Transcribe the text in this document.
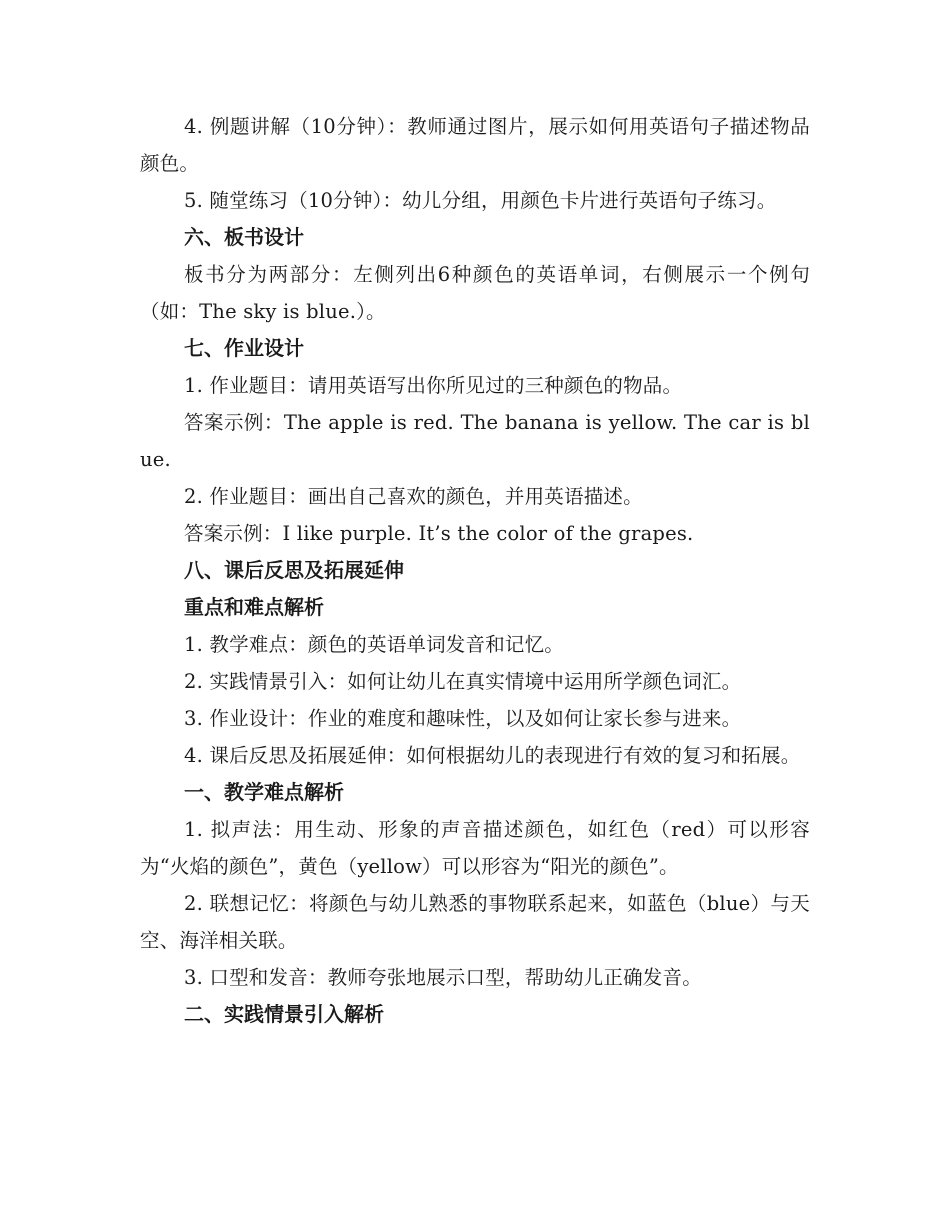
4. 例题讲解（10分钟）：教师通过图片，展示如何用英语句子描述物品颜色。

5. 随堂练习（10分钟）：幼儿分组，用颜色卡片进行英语句子练习。

六、板书设计

板书分为两部分：左侧列出6种颜色的英语单词，右侧展示一个例句（如：The sky is blue.）。

七、作业设计

1. 作业题目：请用英语写出你所见过的三种颜色的物品。

答案示例：The apple is red. The banana is yellow. The car is blue.

2. 作业题目：画出自己喜欢的颜色，并用英语描述。

答案示例：I like purple. It’s the color of the grapes.

八、课后反思及拓展延伸

重点和难点解析

1. 教学难点：颜色的英语单词发音和记忆。

2. 实践情景引入：如何让幼儿在真实情境中运用所学颜色词汇。

3. 作业设计：作业的难度和趣味性，以及如何让家长参与进来。

4. 课后反思及拓展延伸：如何根据幼儿的表现进行有效的复习和拓展。

一、教学难点解析

1. 拟声法：用生动、形象的声音描述颜色，如红色（red）可以形容为“火焰的颜色”，黄色（yellow）可以形容为“阳光的颜色”。

2. 联想记忆：将颜色与幼儿熟悉的事物联系起来，如蓝色（blue）与天空、海洋相关联。

3. 口型和发音：教师夸张地展示口型，帮助幼儿正确发音。

二、实践情景引入解析
